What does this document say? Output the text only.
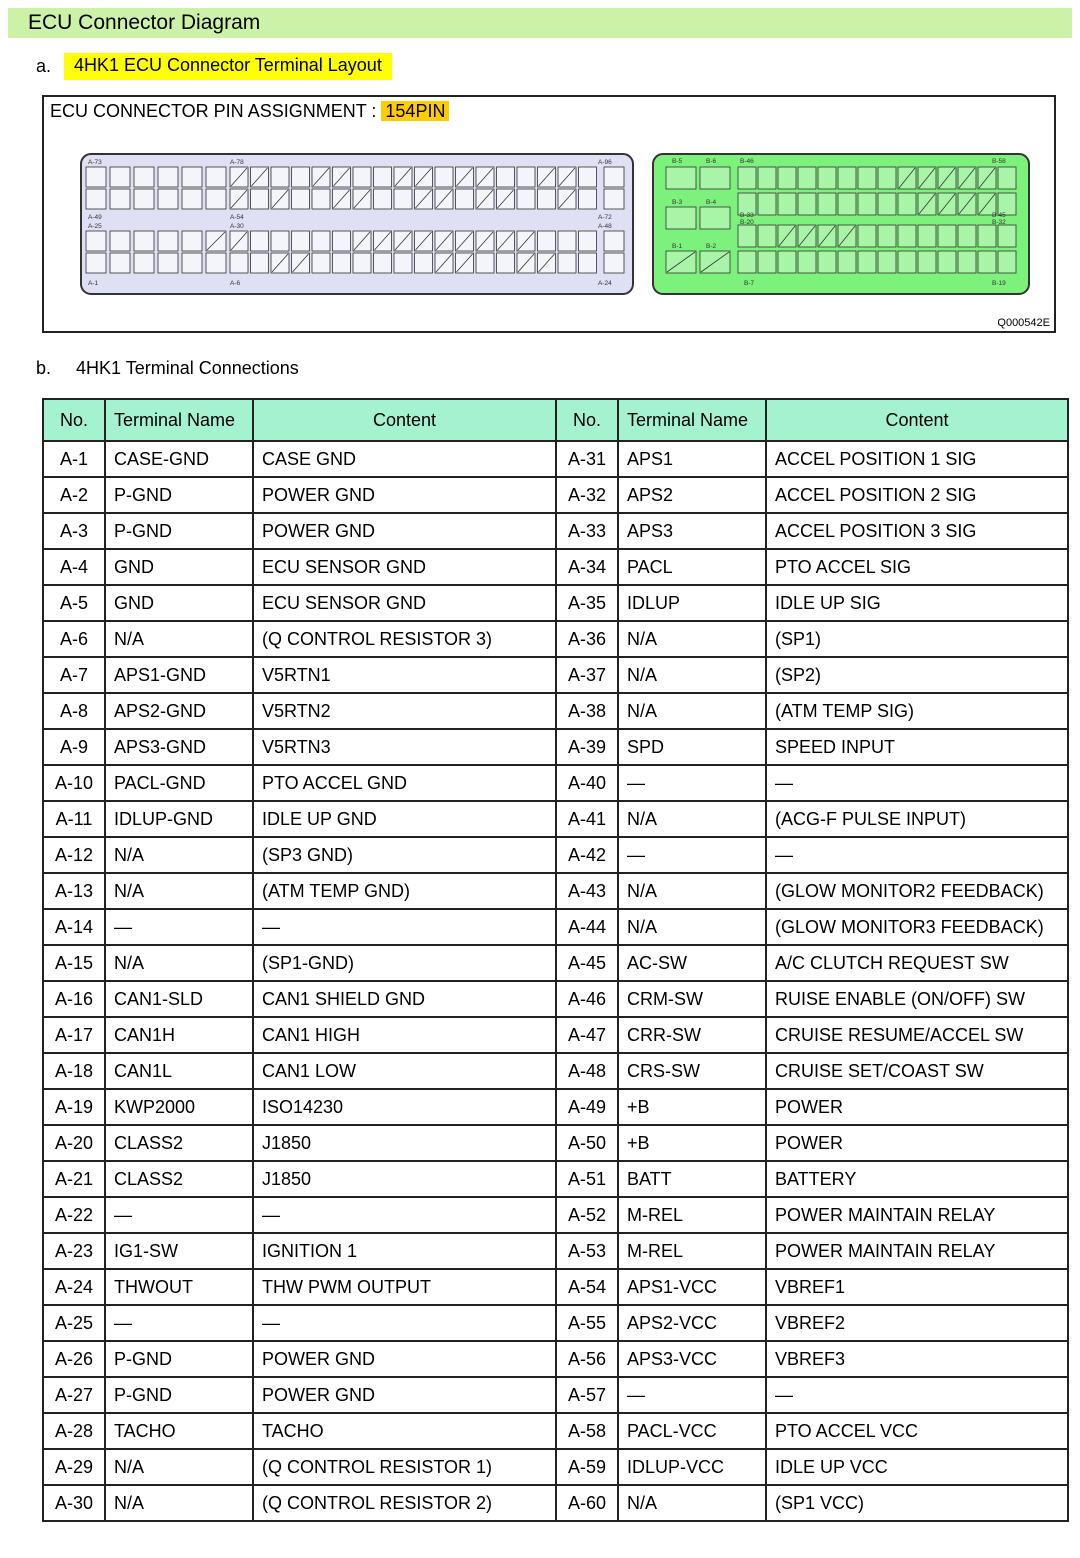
ECU Connector Diagram
a.	4HK1 ECU Connector Terminal Layout
ECU CONNECTOR PIN ASSIGNMENT : 154PIN
A-73	A-78	A-96
A-49
A-25
A-54
A-30
A-72
A-48
A-1	A-6	A-24
B-5	B-6	B-46	B-58
B-3	B-4
B-33
B-20
B-45
B-32
B-1	B-2
B-7	B-19
Q000542E
b. 4HK1 Terminal Connections
No.	Terminal Name	Content	No.	Terminal Name	Content
A-1	CASE-GND	CASE GND	A-31	APS1	ACCEL POSITION 1 SIG
A-2	P-GND	POWER GND	A-32	APS2	ACCEL POSITION 2 SIG
A-3	P-GND	POWER GND	A-33	APS3	ACCEL POSITION 3 SIG
A-4	GND	ECU SENSOR GND	A-34	PACL	PTO ACCEL SIG
A-5	GND	ECU SENSOR GND	A-35	IDLUP	IDLE UP SIG
A-6	N/A	(Q CONTROL RESISTOR 3)	A-36	N/A	(SP1)
A-7	APS1-GND	V5RTN1	A-37	N/A	(SP2)
A-8	APS2-GND	V5RTN2	A-38	N/A	(ATM TEMP SIG)
A-9	APS3-GND	V5RTN3	A-39	SPD	SPEED INPUT
A-10	PACL-GND	PTO ACCEL GND	A-40	—	—
A-11	IDLUP-GND	IDLE UP GND	A-41	N/A	(ACG-F PULSE INPUT)
A-12	N/A	(SP3 GND)	A-42	—	—
A-13	N/A	(ATM TEMP GND)	A-43	N/A	(GLOW MONITOR2 FEEDBACK)
A-14	—	—	A-44	N/A	(GLOW MONITOR3 FEEDBACK)
A-15	N/A	(SP1-GND)	A-45	AC-SW	A/C CLUTCH REQUEST SW
A-16	CAN1-SLD	CAN1 SHIELD GND	A-46	CRM-SW	RUISE ENABLE (ON/OFF) SW
A-17	CAN1H	CAN1 HIGH	A-47	CRR-SW	CRUISE RESUME/ACCEL SW
A-18	CAN1L	CAN1 LOW	A-48	CRS-SW	CRUISE SET/COAST SW
A-19	KWP2000	ISO14230	A-49	+B	POWER
A-20	CLASS2	J1850	A-50	+B	POWER
A-21	CLASS2	J1850	A-51	BATT	BATTERY
A-22	—	—	A-52	M-REL	POWER MAINTAIN RELAY
A-23	IG1-SW	IGNITION 1	A-53	M-REL	POWER MAINTAIN RELAY
A-24	THWOUT	THW PWM OUTPUT	A-54	APS1-VCC	VBREF1
A-25	—	—	A-55	APS2-VCC	VBREF2
A-26	P-GND	POWER GND	A-56	APS3-VCC	VBREF3
A-27	P-GND	POWER GND	A-57	—	—
A-28	TACHO	TACHO	A-58	PACL-VCC	PTO ACCEL VCC
A-29	N/A	(Q CONTROL RESISTOR 1)	A-59	IDLUP-VCC	IDLE UP VCC
A-30	N/A	(Q CONTROL RESISTOR 2)	A-60	N/A	(SP1 VCC)
